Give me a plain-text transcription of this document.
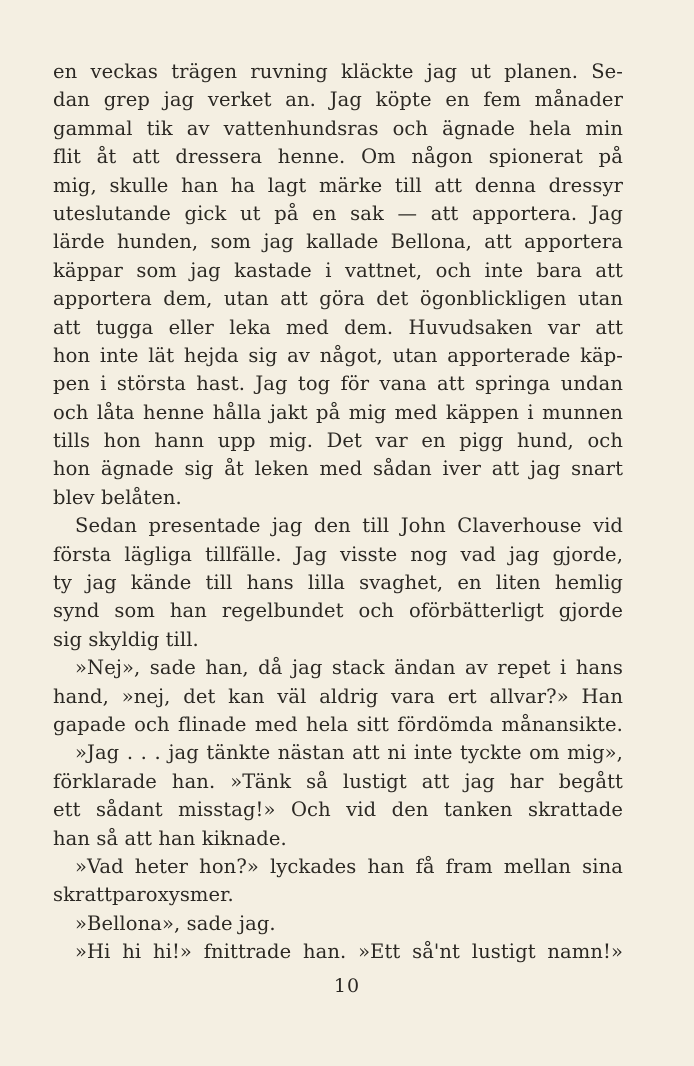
en veckas trägen ruvning kläckte jag ut planen. Se-
dan grep jag verket an. Jag köpte en fem månader
gammal tik av vattenhundsras och ägnade hela min
flit åt att dressera henne. Om någon spionerat på
mig, skulle han ha lagt märke till att denna dressyr
uteslutande gick ut på en sak — att apportera. Jag
lärde hunden, som jag kallade Bellona, att apportera
käppar som jag kastade i vattnet, och inte bara att
apportera dem, utan att göra det ögonblickligen utan
att tugga eller leka med dem. Huvudsaken var att
hon inte lät hejda sig av något, utan apporterade käp-
pen i största hast. Jag tog för vana att springa undan
och låta henne hålla jakt på mig med käppen i munnen
tills hon hann upp mig. Det var en pigg hund, och
hon ägnade sig åt leken med sådan iver att jag snart
blev belåten.
Sedan presentade jag den till John Claverhouse vid
första lägliga tillfälle. Jag visste nog vad jag gjorde,
ty jag kände till hans lilla svaghet, en liten hemlig
synd som han regelbundet och oförbätterligt gjorde
sig skyldig till.
»Nej», sade han, då jag stack ändan av repet i hans
hand, »nej, det kan väl aldrig vara ert allvar?» Han
gapade och flinade med hela sitt fördömda månansikte.
»Jag . . . jag tänkte nästan att ni inte tyckte om mig»,
förklarade han. »Tänk så lustigt att jag har begått
ett sådant misstag!» Och vid den tanken skrattade
han så att han kiknade.
»Vad heter hon?» lyckades han få fram mellan sina
skrattparoxysmer.
»Bellona», sade jag.
»Hi hi hi!» fnittrade han. »Ett så'nt lustigt namn!»
10
